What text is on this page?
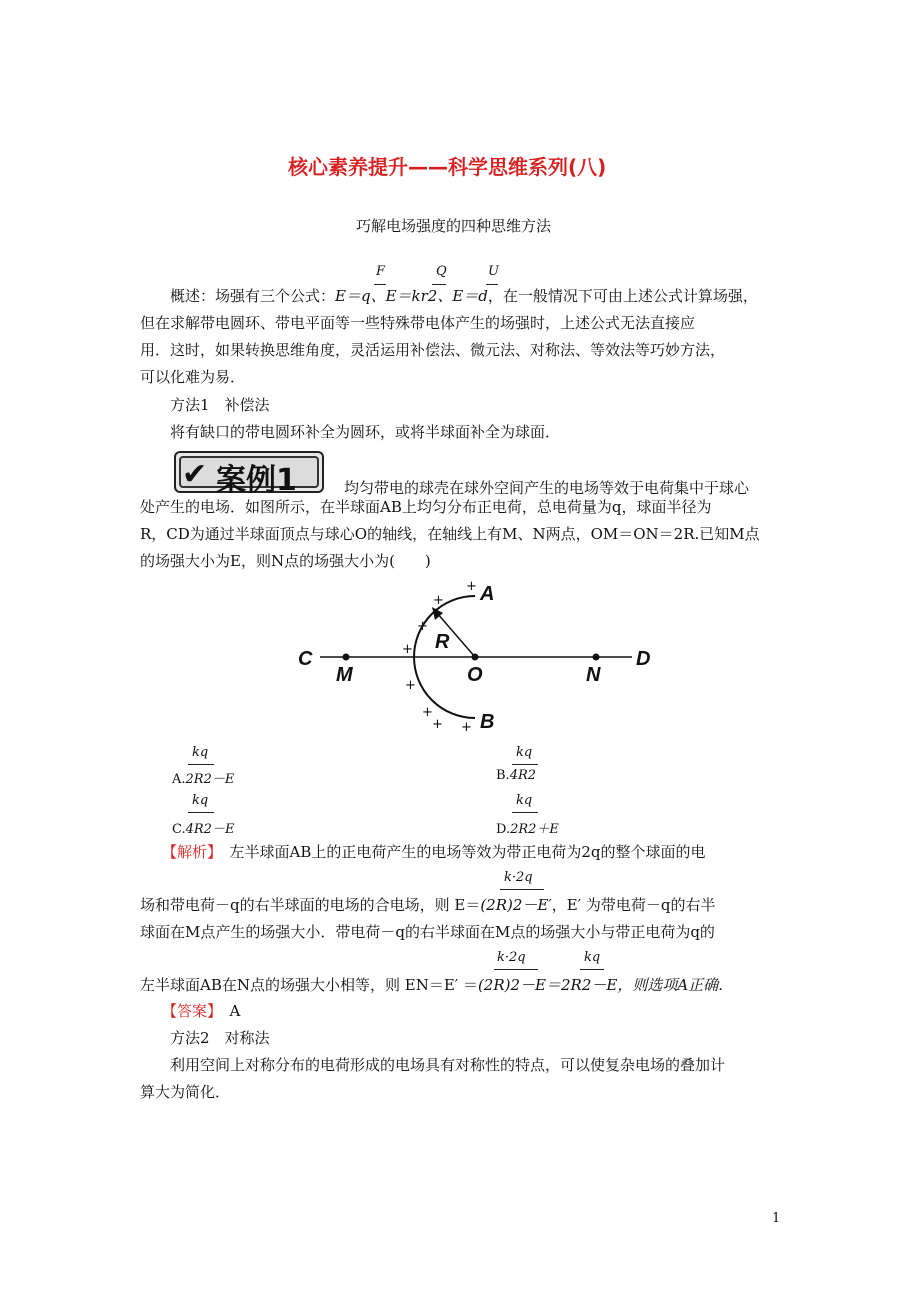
核心素养提升——科学思维系列(八)
巧解电场强度的四种思维方法
F	Q	U
概述：场强有三个公式：E＝q、E＝kr2、E＝d，在一般情况下可由上述公式计算场强，
但在求解带电圆环、带电平面等一些特殊带电体产生的场强时，上述公式无法直接应
用．这时，如果转换思维角度，灵活运用补偿法、微元法、对称法、等效法等巧妙方法，
可以化难为易．
方法1　补偿法
将有缺口的带电圆环补全为圆环，或将半球面补全为球面．
✔ 案例1	均匀带电的球壳在球外空间产生的电场等效于电荷集中于球心
处产生的电场．如图所示，在半球面AB上均匀分布正电荷，总电荷量为q，球面半径为
R，CD为通过半球面顶点与球心O的轴线，在轴线上有M、N两点，OM＝ON＝2R.已知M点
的场强大小为E，则N点的场强大小为(　　)
A
B
C	D
M	O	N
R
+
+
+
+
+
+
+ +
kq
A.2R2－E
kq
B.4R2
kq
C.4R2－E
kq
D.2R2＋E
【解析】　左半球面AB上的正电荷产生的电场等效为带正电荷为2q的整个球面的电
k·2q
场和带电荷－q的右半球面的电场的合电场，则 E＝(2R)2－E′，E′ 为带电荷－q的右半
球面在M点产生的场强大小．带电荷－q的右半球面在M点的场强大小与带正电荷为q的
k·2q	kq
左半球面AB在N点的场强大小相等，则 EN＝E′ ＝(2R)2－E＝2R2－E，则选项A正确．
【答案】　A
方法2　对称法
利用空间上对称分布的电荷形成的电场具有对称性的特点，可以使复杂电场的叠加计
算大为简化．
1
